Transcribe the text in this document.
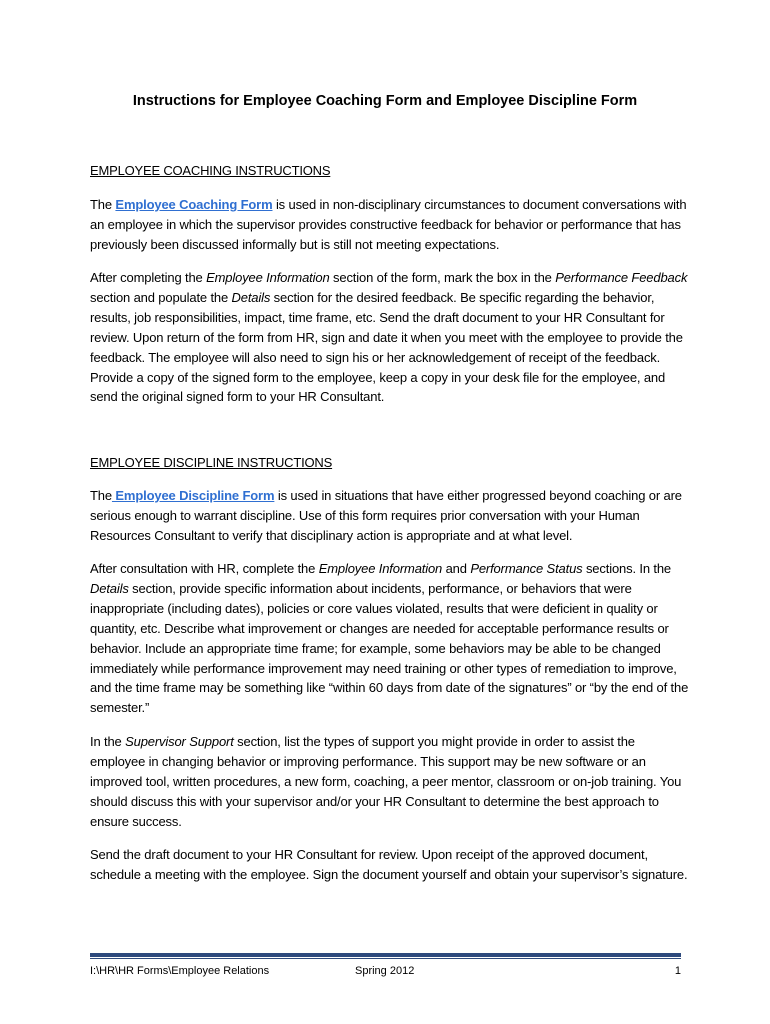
Instructions for Employee Coaching Form and Employee Discipline Form
EMPLOYEE COACHING INSTRUCTIONS

The Employee Coaching Form is used in non-disciplinary circumstances to document conversations with an employee in which the supervisor provides constructive feedback for behavior or performance that has previously been discussed informally but is still not meeting expectations.

After completing the Employee Information section of the form, mark the box in the Performance Feedback section and populate the Details section for the desired feedback. Be specific regarding the behavior, results, job responsibilities, impact, time frame, etc. Send the draft document to your HR Consultant for review. Upon return of the form from HR, sign and date it when you meet with the employee to provide the feedback. The employee will also need to sign his or her acknowledgement of receipt of the feedback. Provide a copy of the signed form to the employee, keep a copy in your desk file for the employee, and send the original signed form to your HR Consultant.

EMPLOYEE DISCIPLINE INSTRUCTIONS

The Employee Discipline Form is used in situations that have either progressed beyond coaching or are serious enough to warrant discipline. Use of this form requires prior conversation with your Human Resources Consultant to verify that disciplinary action is appropriate and at what level.

After consultation with HR, complete the Employee Information and Performance Status sections. In the Details section, provide specific information about incidents, performance, or behaviors that were inappropriate (including dates), policies or core values violated, results that were deficient in quality or quantity, etc. Describe what improvement or changes are needed for acceptable performance results or behavior. Include an appropriate time frame; for example, some behaviors may be able to be changed immediately while performance improvement may need training or other types of remediation to improve, and the time frame may be something like “within 60 days from date of the signatures” or “by the end of the semester.”

In the Supervisor Support section, list the types of support you might provide in order to assist the employee in changing behavior or improving performance. This support may be new software or an improved tool, written procedures, a new form, coaching, a peer mentor, classroom or on-job training. You should discuss this with your supervisor and/or your HR Consultant to determine the best approach to ensure success.

Send the draft document to your HR Consultant for review. Upon receipt of the approved document, schedule a meeting with the employee. Sign the document yourself and obtain your supervisor’s signature.

I:\HR\HR Forms\Employee Relations	Spring 2012	1
